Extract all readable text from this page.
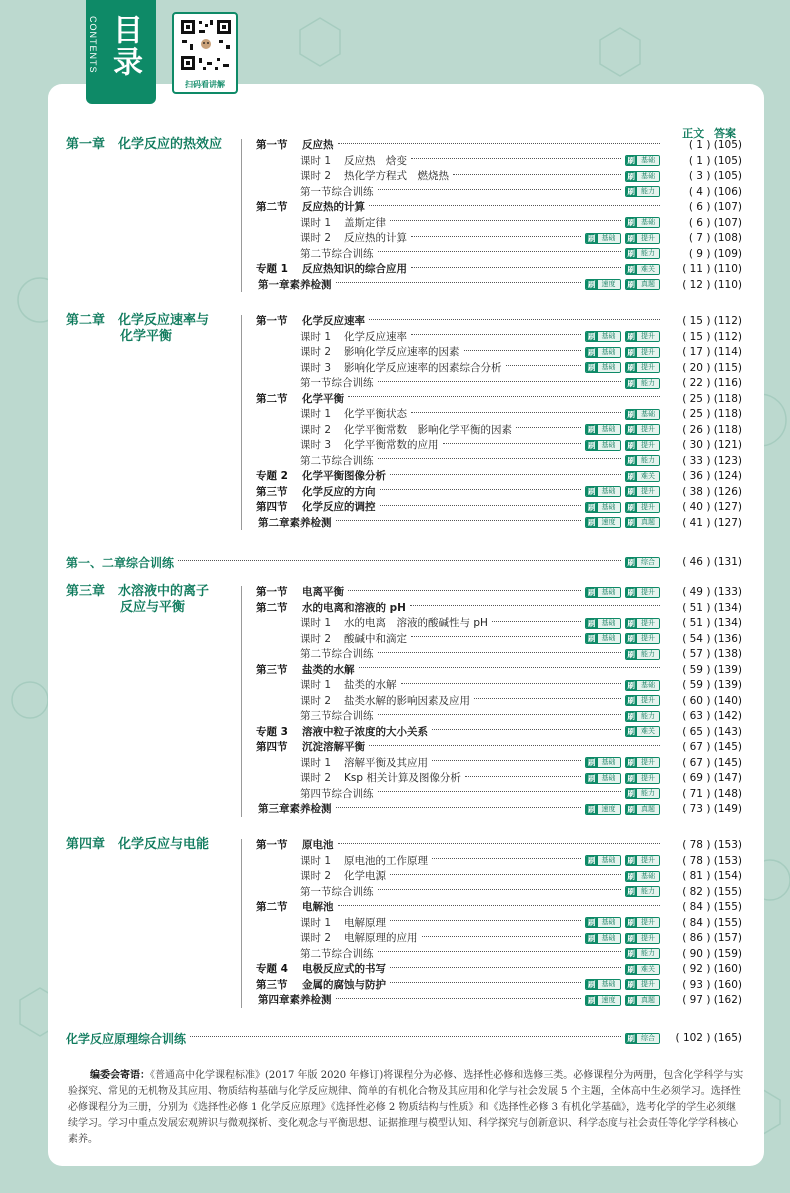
CONTENTS 目录
扫码看讲解
正文 答案
第一章　化学反应的热效应	第一节	反应热	( 1 ) (105)
课时 1	反应热　焓变	刷 基础	( 1 ) (105)
课时 2	热化学方程式　燃烧热	刷 基础	( 3 ) (105)
第一节综合训练	刷 能力	( 4 ) (106)
第二节	反应热的计算	( 6 ) (107)
课时 1	盖斯定律	刷 基础	( 6 ) (107)
课时 2	反应热的计算	刷 基础	刷 提升	( 7 ) (108)
第二节综合训练	刷 能力	( 9 ) (109)
专题 1	反应热知识的综合应用	刷 难关	( 11 ) (110)
第一章素养检测	刷 速度	刷 真题	( 12 ) (110)
第二章　化学反应速率与
化学平衡
第一节	化学反应速率	( 15 ) (112)
课时 1	化学反应速率	刷 基础	刷 提升	( 15 ) (112)
课时 2	影响化学反应速率的因素	刷 基础	刷 提升	( 17 ) (114)
课时 3	影响化学反应速率的因素综合分析	刷 基础	刷 提升	( 20 ) (115)
第一节综合训练	刷 能力	( 22 ) (116)
第二节	化学平衡	( 25 ) (118)
课时 1	化学平衡状态	刷 基础	( 25 ) (118)
课时 2	化学平衡常数　影响化学平衡的因素	刷 基础	刷 提升	( 26 ) (118)
课时 3	化学平衡常数的应用	刷 基础	刷 提升	( 30 ) (121)
第二节综合训练	刷 能力	( 33 ) (123)
专题 2	化学平衡图像分析	刷 难关	( 36 ) (124)
第三节	化学反应的方向	刷 基础	刷 提升	( 38 ) (126)
第四节	化学反应的调控	刷 基础	刷 提升	( 40 ) (127)
第二章素养检测	刷 速度	刷 真题	( 41 ) (127)
第三章　水溶液中的离子
反应与平衡
第一节	电离平衡	刷 基础	刷 提升	( 49 ) (133)
第二节	水的电离和溶液的 pH	( 51 ) (134)
课时 1	水的电离　溶液的酸碱性与 pH	刷 基础	刷 提升	( 51 ) (134)
课时 2	酸碱中和滴定	刷 基础	刷 提升	( 54 ) (136)
第二节综合训练	刷 能力	( 57 ) (138)
第三节	盐类的水解	( 59 ) (139)
课时 1	盐类的水解	刷 基础	( 59 ) (139)
课时 2	盐类水解的影响因素及应用	刷 提升	( 60 ) (140)
第三节综合训练	刷 能力	( 63 ) (142)
专题 3	溶液中粒子浓度的大小关系	刷 难关	( 65 ) (143)
第四节	沉淀溶解平衡	( 67 ) (145)
课时 1	溶解平衡及其应用	刷 基础	刷 提升	( 67 ) (145)
课时 2	Ksp 相关计算及图像分析	刷 基础	刷 提升	( 69 ) (147)
第四节综合训练	刷 能力	( 71 ) (148)
第三章素养检测	刷 速度	刷 真题	( 73 ) (149)
第四章　化学反应与电能	第一节	原电池	( 78 ) (153)
课时 1	原电池的工作原理	刷 基础	刷 提升	( 78 ) (153)
课时 2	化学电源	刷 基础	( 81 ) (154)
第一节综合训练	刷 能力	( 82 ) (155)
第二节	电解池	( 84 ) (155)
课时 1	电解原理	刷 基础	刷 提升	( 84 ) (155)
课时 2	电解原理的应用	刷 基础	刷 提升	( 86 ) (157)
第二节综合训练	刷 能力	( 90 ) (159)
专题 4	电极反应式的书写	刷 难关	( 92 ) (160)
第三节	金属的腐蚀与防护	刷 基础	刷 提升	( 93 ) (160)
第四章素养检测	刷 速度	刷 真题	( 97 ) (162)
第一、二章综合训练	刷 综合	( 46 ) (131)
化学反应原理综合训练	刷 综合	( 102 ) (165)
编委会寄语：《普通高中化学课程标准》(2017 年版 2020 年修订)将课程分为必修、选择性必修和选修三类。必修课程分为两册，包含化学科学与实验探究、常见的无机物及其应用、物质结构基础与化学反应规律、简单的有机化合物及其应用和化学与社会发展 5 个主题，全体高中生必须学习。选择性必修课程分为三册，分别为《选择性必修 1 化学反应原理》《选择性必修 2 物质结构与性质》和《选择性必修 3 有机化学基础》，选考化学的学生必须继续学习。学习中重点发展宏观辨识与微观探析、变化观念与平衡思想、证据推理与模型认知、科学探究与创新意识、科学态度与社会责任等化学学科核心素养。
